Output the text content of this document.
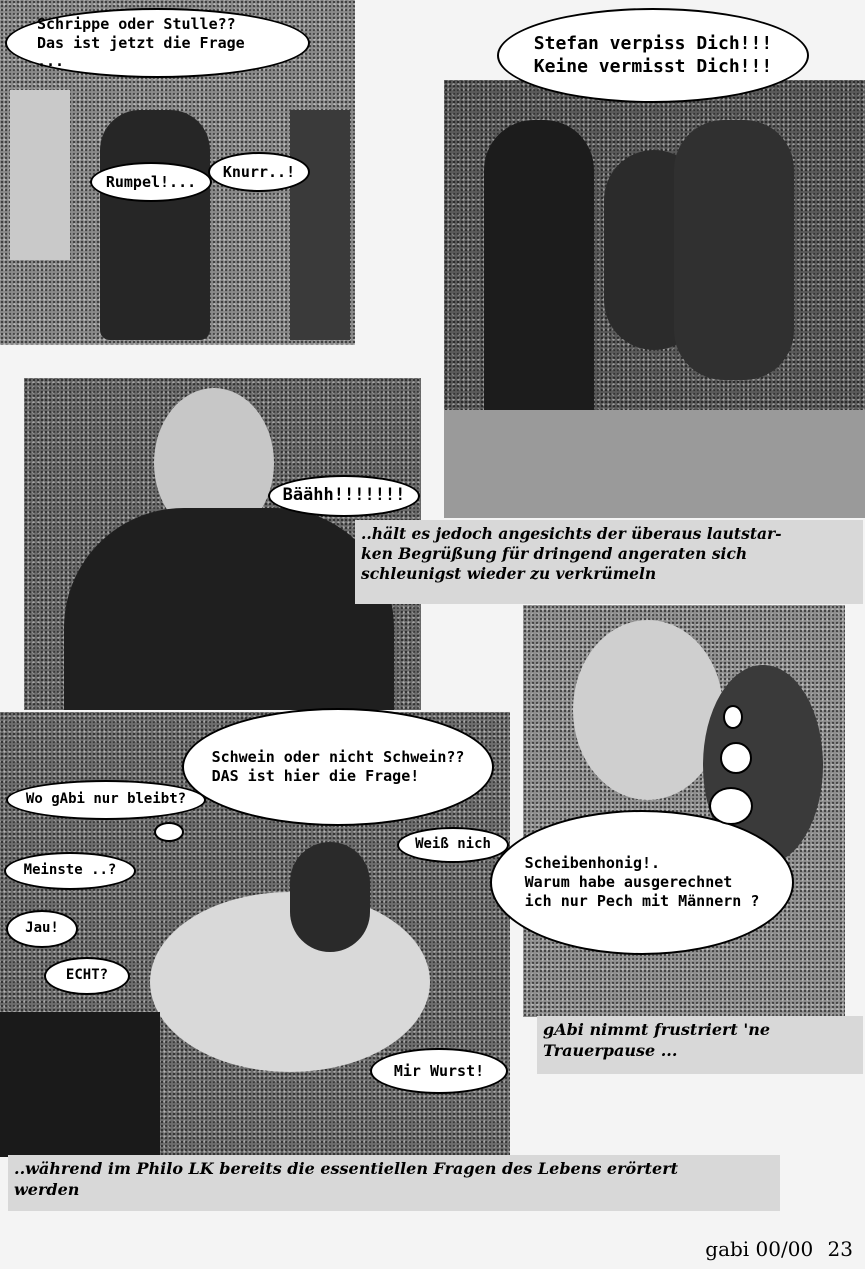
Schrippe oder Stulle??
Das ist jetzt die Frage ...
Rumpel!...
Knurr..!
Stefan verpiss Dich!!!
Keine vermisst Dich!!!
Bäähh!!!!!!!
Schwein oder nicht Schwein??
DAS ist hier die Frage!
Wo gAbi nur bleibt?
Weiß nich
Meinste ..?
Jau!
ECHT?
Scheibenhonig!.
Warum habe ausgerechnet
ich nur Pech mit Männern ?
Mir Wurst!
..hält es jedoch angesichts der überaus lautstar-
ken Begrüßung für dringend angeraten sich
schleunigst wieder zu verkrümeln
gAbi nimmt frustriert 'ne
Trauerpause ...
..während im Philo LK bereits die essentiellen Fragen des Lebens erörtert
werden
gabi 00/00 23
